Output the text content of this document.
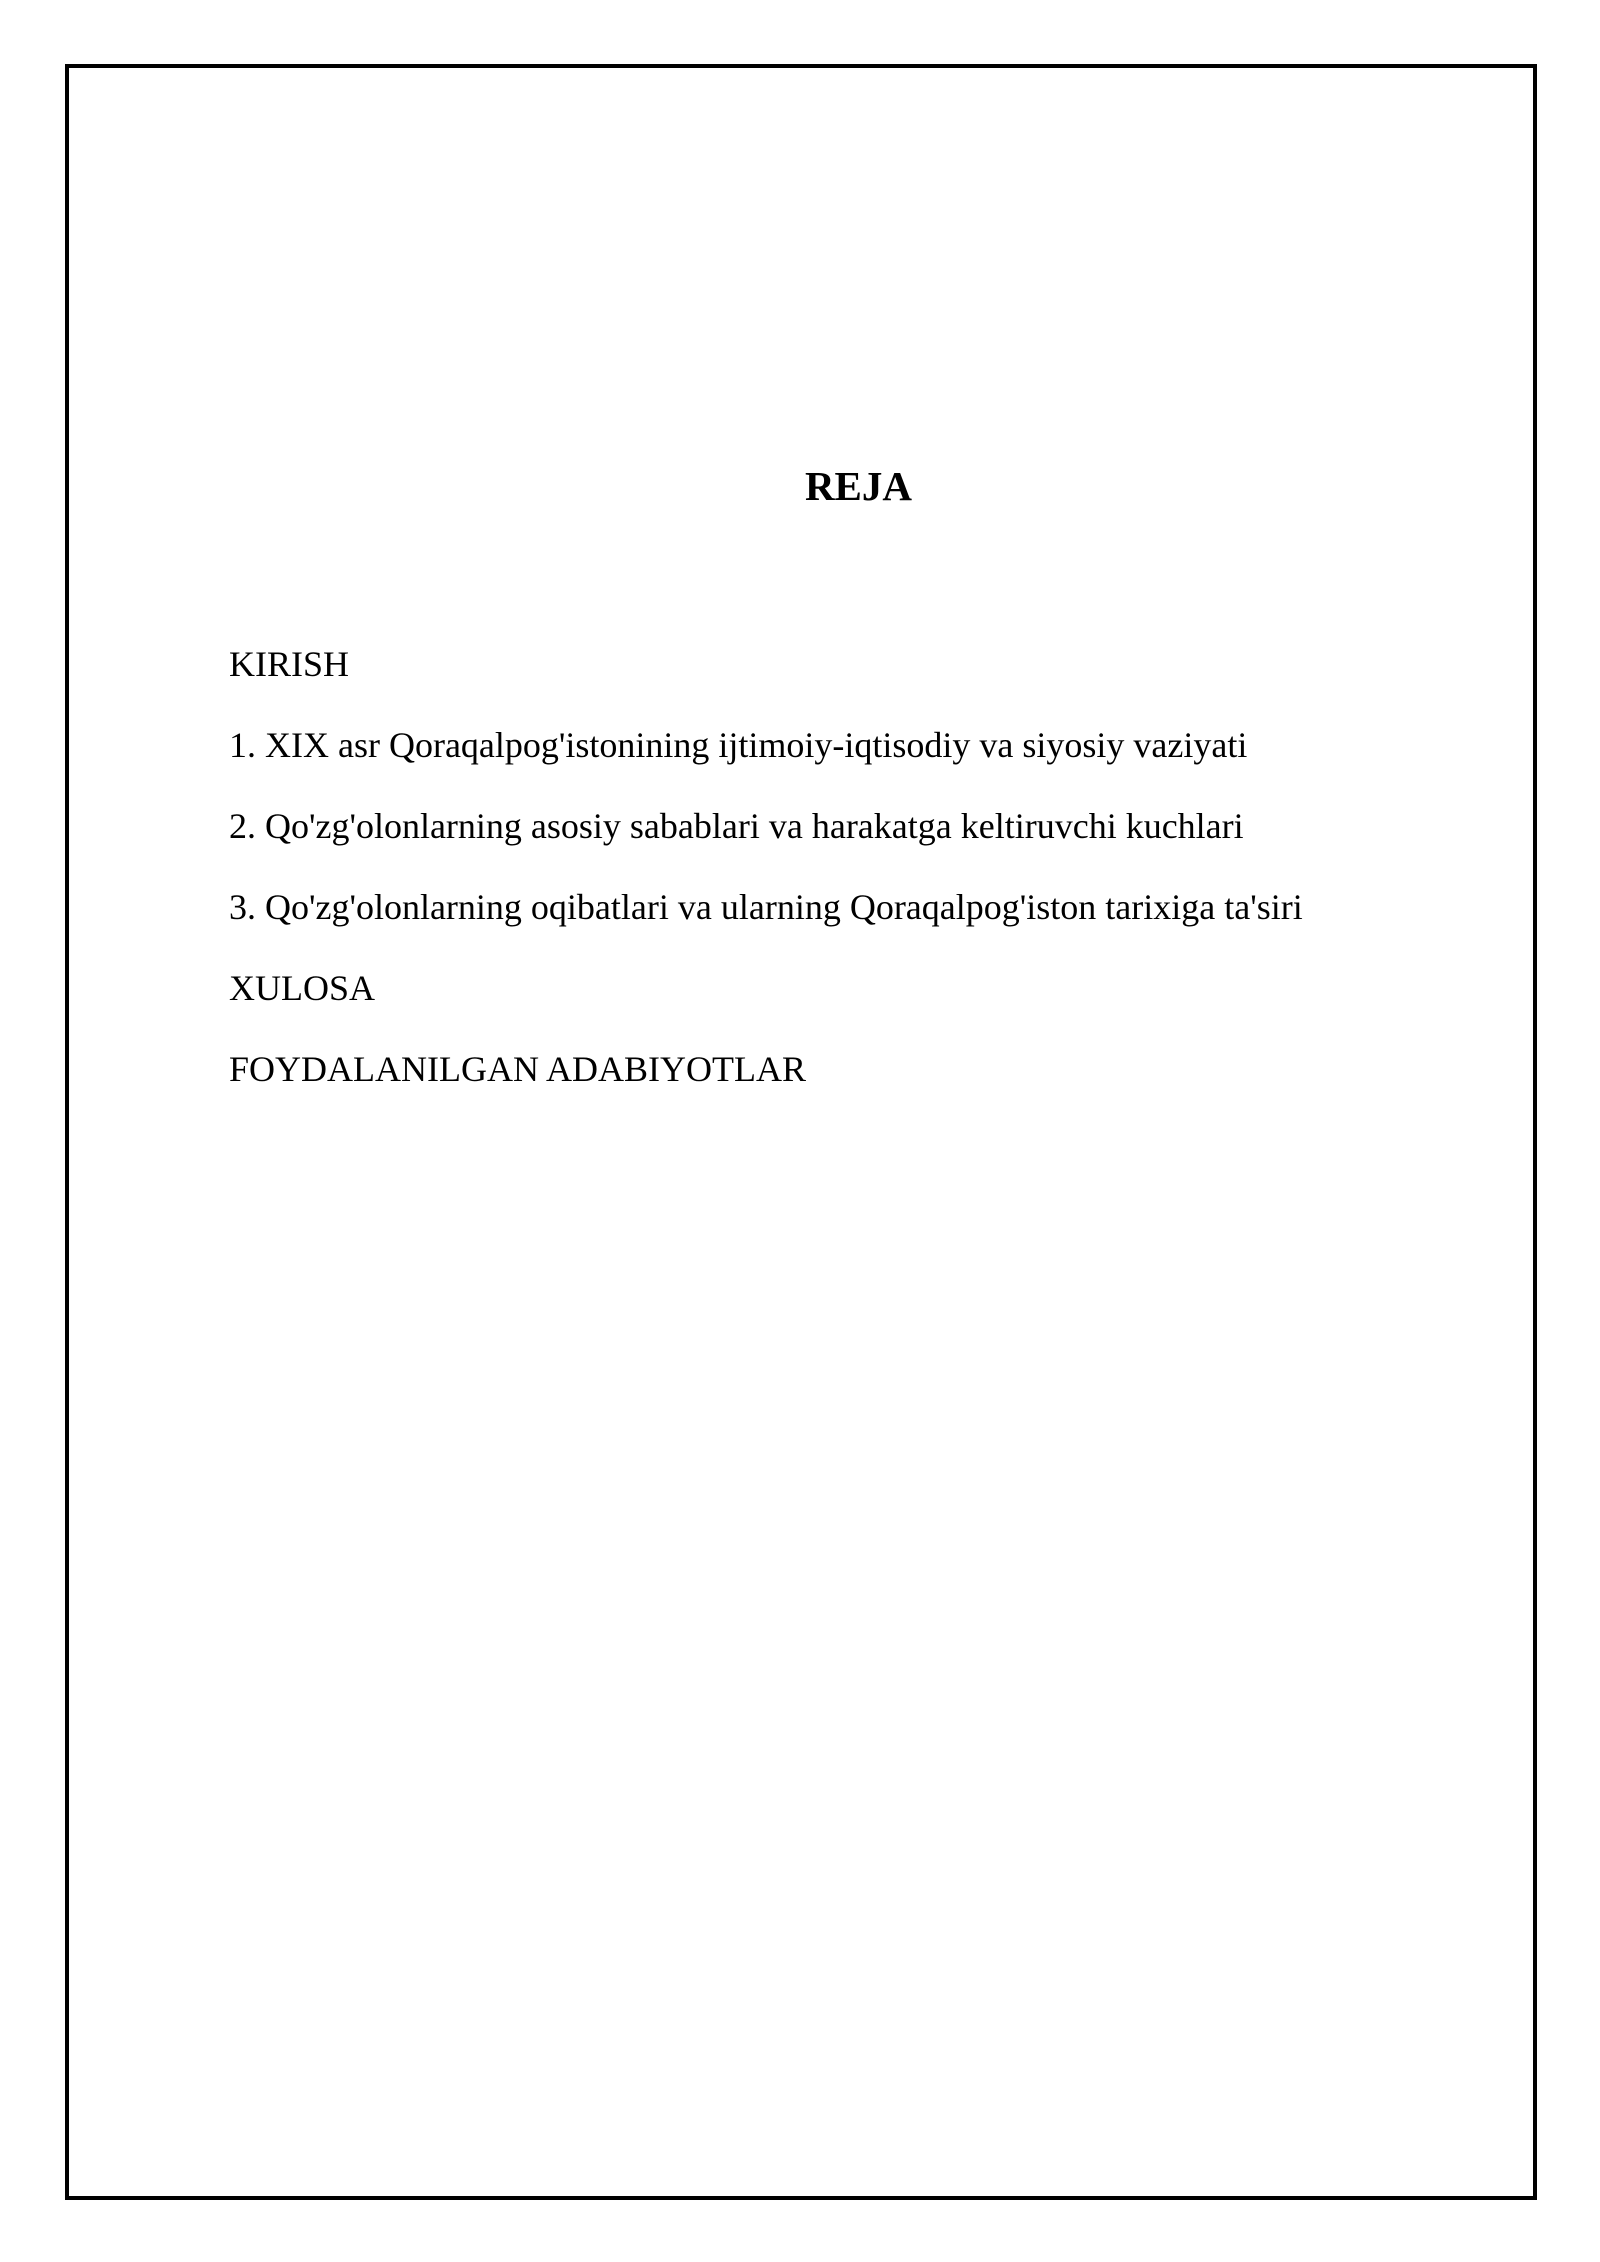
REJA
KIRISH
1. XIX asr Qoraqalpog'istonining ijtimoiy-iqtisodiy va siyosiy vaziyati
2. Qo'zg'olonlarning asosiy sabablari va harakatga keltiruvchi kuchlari
3. Qo'zg'olonlarning oqibatlari va ularning Qoraqalpog'iston tarixiga ta'siri
XULOSA
FOYDALANILGAN ADABIYOTLAR
